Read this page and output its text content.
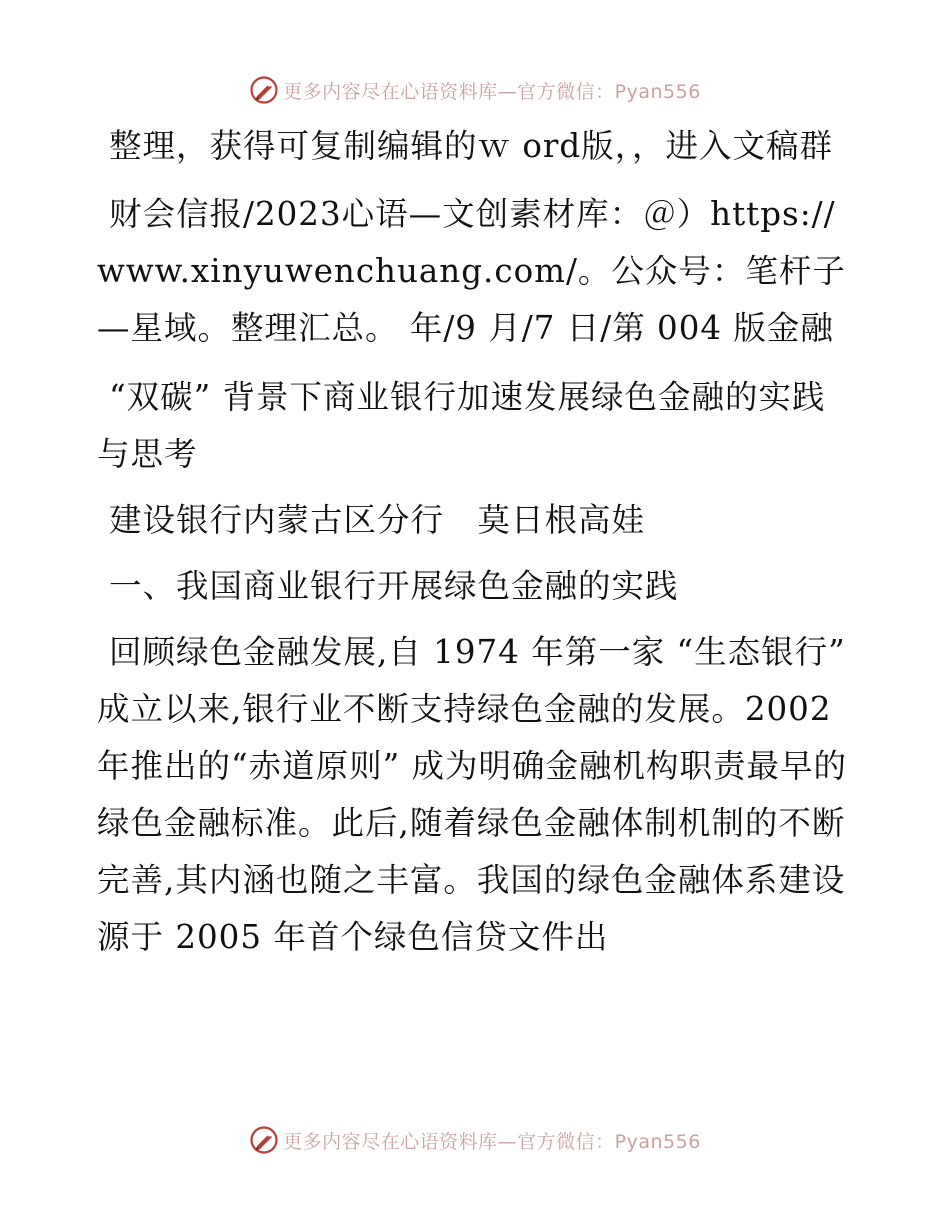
更多内容尽在心语资料库—官方微信：Pyan556

整理，获得可复制编辑的ｗ ord版，，进入文稿群

财会信报/2023心语—文创素材库：＠）https://www.xinyuwenchuang.com/。公众号：笔杆子—星域。整理汇总。 年/9 月/7 日/第 004 版金融

“双碳” 背景下商业银行加速发展绿色金融的实践与思考

建设银行内蒙古区分行　莫日根高娃

一、我国商业银行开展绿色金融的实践

回顾绿色金融发展,自 1974 年第一家 “生态银行” 成立以来,银行业不断支持绿色金融的发展。2002　年推出的“赤道原则” 成为明确金融机构职责最早的绿色金融标准。此后,随着绿色金融体制机制的不断完善,其内涵也随之丰富。我国的绿色金融体系建设源于 2005 年首个绿色信贷文件出

更多内容尽在心语资料库—官方微信：Pyan556
